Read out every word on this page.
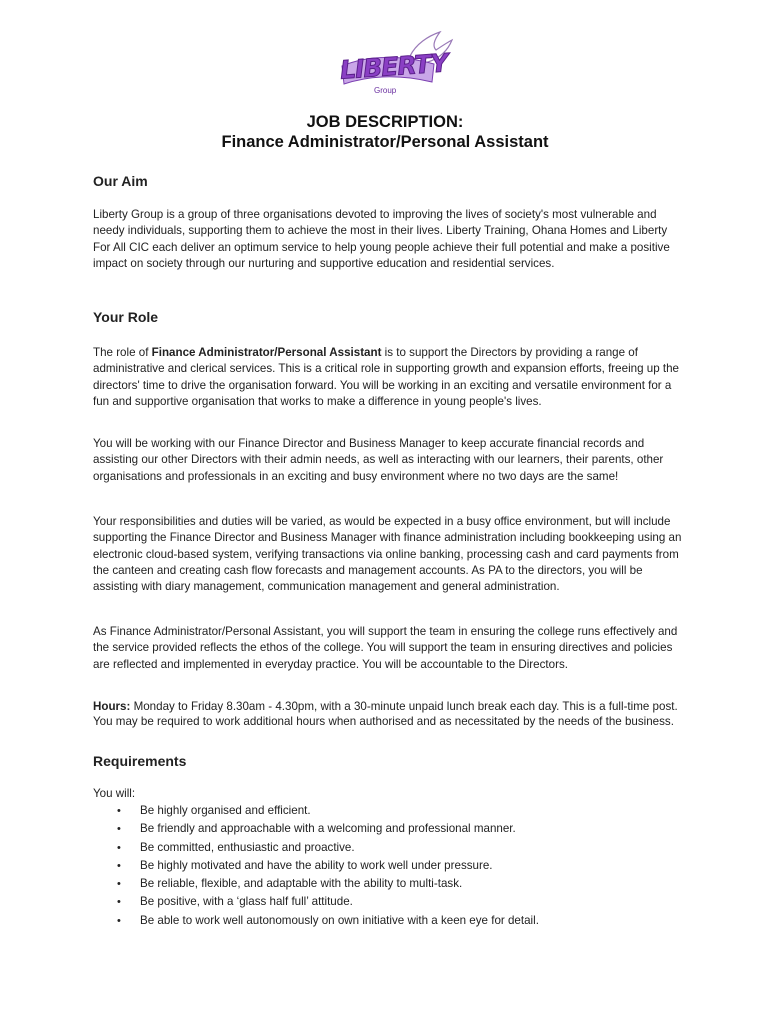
LIBERTY
Group
JOB DESCRIPTION:
Finance Administrator/Personal Assistant
Our Aim

Liberty Group is a group of three organisations devoted to improving the lives of society's most vulnerable and needy individuals, supporting them to achieve the most in their lives. Liberty Training, Ohana Homes and Liberty For All CIC each deliver an optimum service to help young people achieve their full potential and make a positive impact on society through our nurturing and supportive education and residential services.

Your Role

The role of Finance Administrator/Personal Assistant is to support the Directors by providing a range of administrative and clerical services. This is a critical role in supporting growth and expansion efforts, freeing up the directors' time to drive the organisation forward. You will be working in an exciting and versatile environment for a fun and supportive organisation that works to make a difference in young people's lives.

You will be working with our Finance Director and Business Manager to keep accurate financial records and assisting our other Directors with their admin needs, as well as interacting with our learners, their parents, other organisations and professionals in an exciting and busy environment where no two days are the same!

Your responsibilities and duties will be varied, as would be expected in a busy office environment, but will include supporting the Finance Director and Business Manager with finance administration including bookkeeping using an electronic cloud-based system, verifying transactions via online banking, processing cash and card payments from the canteen and creating cash flow forecasts and management accounts. As PA to the directors, you will be assisting with diary management, communication management and general administration.

As Finance Administrator/Personal Assistant, you will support the team in ensuring the college runs effectively and the service provided reflects the ethos of the college. You will support the team in ensuring directives and policies are reflected and implemented in everyday practice. You will be accountable to the Directors.

Hours: Monday to Friday 8.30am - 4.30pm, with a 30-minute unpaid lunch break each day. This is a full-time post. You may be required to work additional hours when authorised and as necessitated by the needs of the business.

Requirements

You will:

• Be highly organised and efficient.
• Be friendly and approachable with a welcoming and professional manner.
• Be committed, enthusiastic and proactive.
• Be highly motivated and have the ability to work well under pressure.
• Be reliable, flexible, and adaptable with the ability to multi-task.
• Be positive, with a ‘glass half full’ attitude.
• Be able to work well autonomously on own initiative with a keen eye for detail.
